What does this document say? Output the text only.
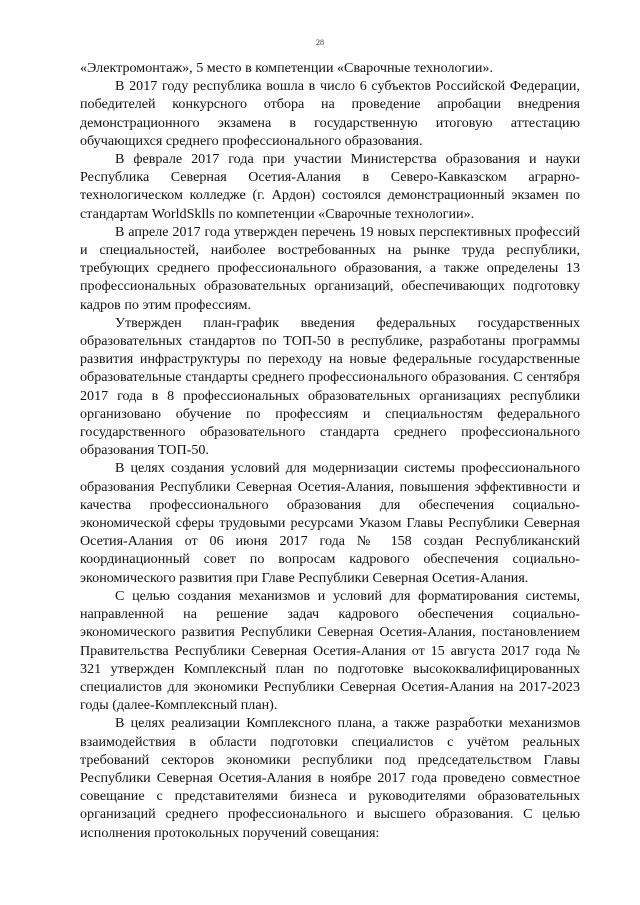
28

«Электромонтаж», 5 место в компетенции «Сварочные технологии».

В 2017 году республика вошла в число 6 субъектов Российской Федерации, победителей конкурсного отбора на проведение апробации внедрения демонстрационного экзамена в государственную итоговую аттестацию обучающихся среднего профессионального образования.

В феврале 2017 года при участии Министерства образования и науки Республика Северная Осетия-Алания в Северо-Кавказском аграрно-технологическом колледже (г. Ардон) состоялся демонстрационный экзамен по стандартам WorldSklls по компетенции «Сварочные технологии».

В апреле 2017 года утвержден перечень 19 новых перспективных профессий и специальностей, наиболее востребованных на рынке труда республики, требующих среднего профессионального образования, а также определены 13 профессиональных образовательных организаций, обеспечивающих подготовку кадров по этим профессиям.

Утвержден план-график введения федеральных государственных образовательных стандартов по ТОП-50 в республике, разработаны программы развития инфраструктуры по переходу на новые федеральные государственные образовательные стандарты среднего профессионального образования. С сентября 2017 года в 8 профессиональных образовательных организациях республики организовано обучение по профессиям и специальностям федерального государственного образовательного стандарта среднего профессионального образования ТОП-50.

В целях создания условий для модернизации системы профессионального образования Республики Северная Осетия-Алания, повышения эффективности и качества профессионального образования для обеспечения социально-экономической сферы трудовыми ресурсами Указом Главы Республики Северная Осетия-Алания от 06 июня 2017 года № 158 создан Республиканский координационный совет по вопросам кадрового обеспечения социально-экономического развития при Главе Республики Северная Осетия-Алания.

С целью создания механизмов и условий для форматирования системы, направленной на решение задач кадрового обеспечения социально-экономического развития Республики Северная Осетия-Алания, постановлением Правительства Республики Северная Осетия-Алания от 15 августа 2017 года № 321 утвержден Комплексный план по подготовке высококвалифицированных специалистов для экономики Республики Северная Осетия-Алания на 2017-2023 годы (далее-Комплексный план).

В целях реализации Комплексного плана, а также разработки механизмов взаимодействия в области подготовки специалистов с учётом реальных требований секторов экономики республики под председательством Главы Республики Северная Осетия-Алания в ноябре 2017 года проведено совместное совещание с представителями бизнеса и руководителями образовательных организаций среднего профессионального и высшего образования. С целью исполнения протокольных поручений совещания:
